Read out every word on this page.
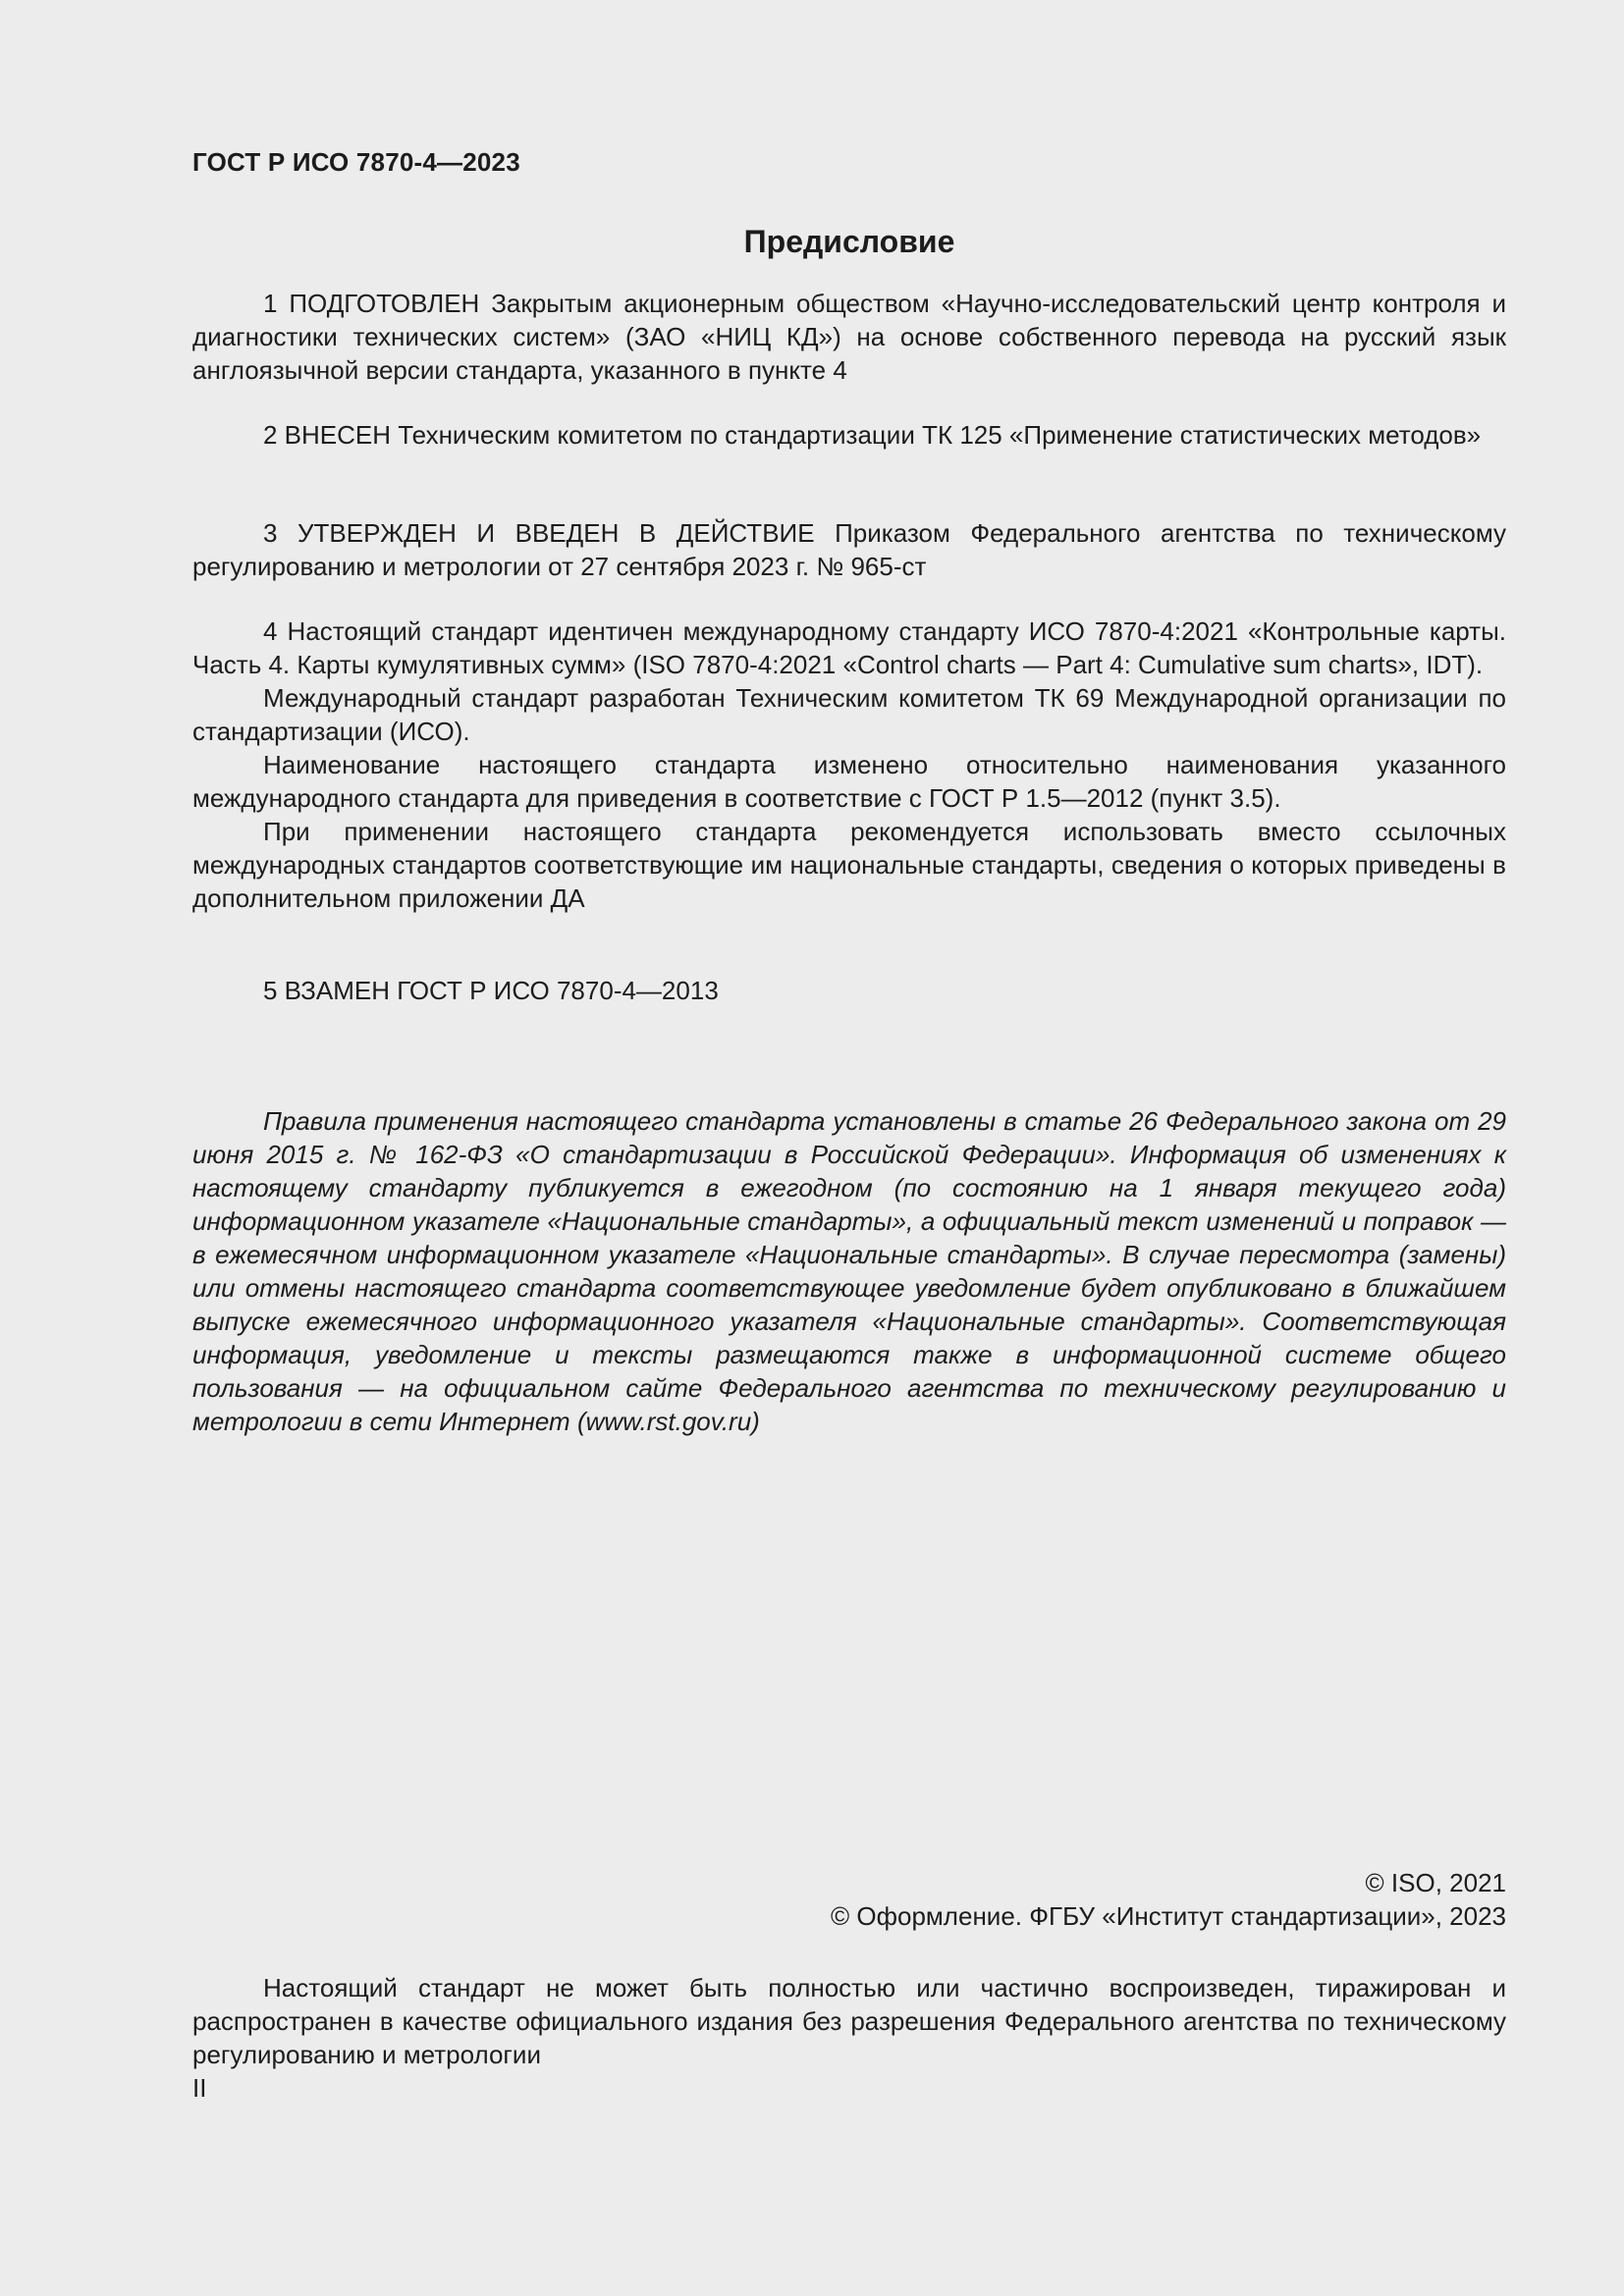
ГОСТ Р ИСО 7870-4—2023
Предисловие

1 ПОДГОТОВЛЕН Закрытым акционерным обществом «Научно-исследовательский центр контроля и диагностики технических систем» (ЗАО «НИЦ КД») на основе собственного перевода на русский язык англоязычной версии стандарта, указанного в пункте 4

2 ВНЕСЕН Техническим комитетом по стандартизации ТК 125 «Применение статистических методов»

3 УТВЕРЖДЕН И ВВЕДЕН В ДЕЙСТВИЕ Приказом Федерального агентства по техническому регулированию и метрологии от 27 сентября 2023 г. № 965-ст

4 Настоящий стандарт идентичен международному стандарту ИСО 7870-4:2021 «Контрольные карты. Часть 4. Карты кумулятивных сумм» (ISO 7870-4:2021 «Control charts — Part 4: Cumulative sum charts», IDT).

Международный стандарт разработан Техническим комитетом ТК 69 Международной организации по стандартизации (ИСО).

Наименование настоящего стандарта изменено относительно наименования указанного международного стандарта для приведения в соответствие с ГОСТ Р 1.5—2012 (пункт 3.5).

При применении настоящего стандарта рекомендуется использовать вместо ссылочных международных стандартов соответствующие им национальные стандарты, сведения о которых приведены в дополнительном приложении ДА

5 ВЗАМЕН ГОСТ Р ИСО 7870-4—2013

Правила применения настоящего стандарта установлены в статье 26 Федерального закона от 29 июня 2015 г. № 162-ФЗ «О стандартизации в Российской Федерации». Информация об изменениях к настоящему стандарту публикуется в ежегодном (по состоянию на 1 января текущего года) информационном указателе «Национальные стандарты», а официальный текст изменений и поправок — в ежемесячном информационном указателе «Национальные стандарты». В случае пересмотра (замены) или отмены настоящего стандарта соответствующее уведомление будет опубликовано в ближайшем выпуске ежемесячного информационного указателя «Национальные стандарты». Соответствующая информация, уведомление и тексты размещаются также в информационной системе общего пользования — на официальном сайте Федерального агентства по техническому регулированию и метрологии в сети Интернет (www.rst.gov.ru)

© ISO, 2021
© Оформление. ФГБУ «Институт стандартизации», 2023

Настоящий стандарт не может быть полностью или частично воспроизведен, тиражирован и распространен в качестве официального издания без разрешения Федерального агентства по техническому регулированию и метрологии

II
